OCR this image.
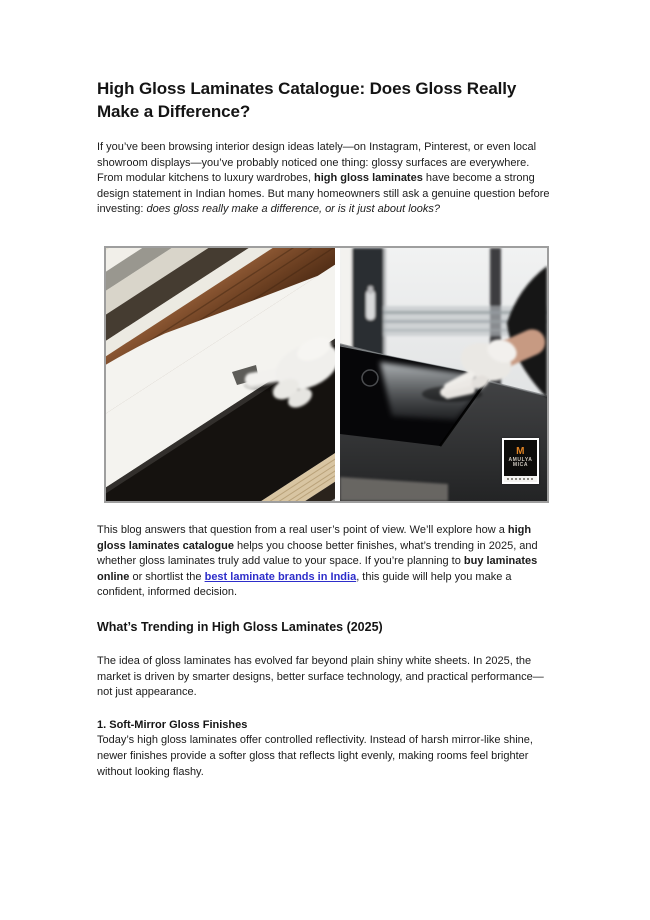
High Gloss Laminates Catalogue: Does Gloss Really Make a Difference?

If you’ve been browsing interior design ideas lately—on Instagram, Pinterest, or even local showroom displays—you’ve probably noticed one thing: glossy surfaces are everywhere. From modular kitchens to luxury wardrobes, high gloss laminates have become a strong design statement in Indian homes. But many homeowners still ask a genuine question before investing: does gloss really make a difference, or is it just about looks?

M
AMULYA
MICA

This blog answers that question from a real user’s point of view. We’ll explore how a high gloss laminates catalogue helps you choose better finishes, what’s trending in 2025, and whether gloss laminates truly add value to your space. If you’re planning to buy laminates online or shortlist the best laminate brands in India, this guide will help you make a confident, informed decision.

What’s Trending in High Gloss Laminates (2025)

The idea of gloss laminates has evolved far beyond plain shiny white sheets. In 2025, the market is driven by smarter designs, better surface technology, and practical performance—not just appearance.

1. Soft-Mirror Gloss Finishes

Today’s high gloss laminates offer controlled reflectivity. Instead of harsh mirror-like shine, newer finishes provide a softer gloss that reflects light evenly, making rooms feel brighter without looking flashy.
